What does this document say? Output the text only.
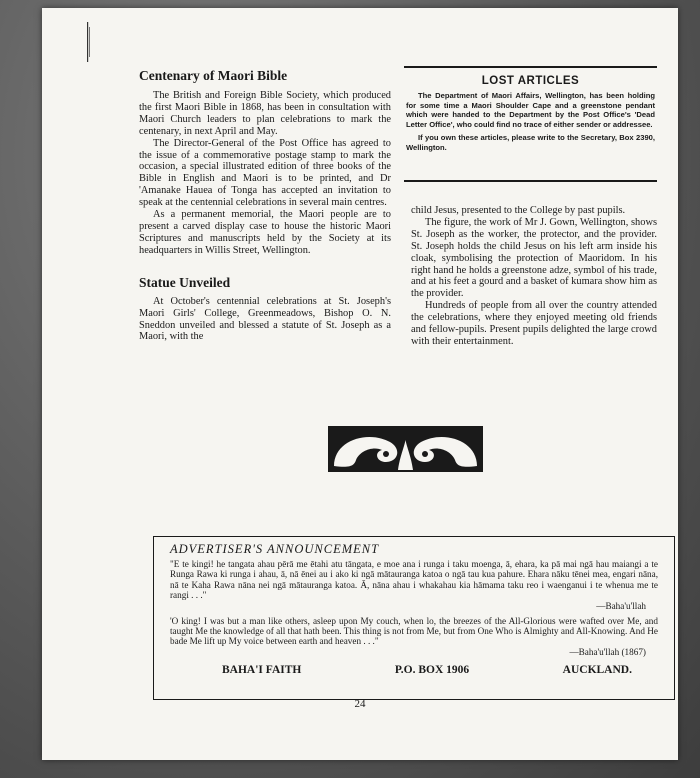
Centenary of Maori Bible

The British and Foreign Bible Society, which produced the first Maori Bible in 1868, has been in consultation with Maori Church leaders to plan celebrations to mark the centenary, in next April and May.

The Director-General of the Post Office has agreed to the issue of a commemorative postage stamp to mark the occasion, a special illustrated edition of three books of the Bible in English and Maori is to be printed, and Dr 'Amanake Hauea of Tonga has accepted an invitation to speak at the centennial celebrations in several main centres.

As a permanent memorial, the Maori people are to present a carved display case to house the historic Maori Scriptures and manuscripts held by the Society at its headquarters in Willis Street, Wellington.

Statue Unveiled

At October's centennial celebrations at St. Joseph's Maori Girls' College, Greenmeadows, Bishop O. N. Sneddon unveiled and blessed a statute of St. Joseph as a Maori, with the

LOST ARTICLES

The Department of Maori Affairs, Wellington, has been holding for some time a Maori Shoulder Cape and a greenstone pendant which were handed to the Department by the Post Office's 'Dead Letter Office', who could find no trace of either sender or addressee.

If you own these articles, please write to the Secretary, Box 2390, Wellington.

child Jesus, presented to the College by past pupils.

The figure, the work of Mr J. Gown, Wellington, shows St. Joseph as the worker, the protector, and the provider. St. Joseph holds the child Jesus on his left arm inside his cloak, symbolising the protection of Maoridom. In his right hand he holds a greenstone adze, symbol of his trade, and at his feet a gourd and a basket of kumara show him as the provider.

Hundreds of people from all over the country attended the celebrations, where they enjoyed meeting old friends and fellow-pupils. Present pupils delighted the large crowd with their entertainment.

ADVERTISER'S ANNOUNCEMENT

"E te kingi! he tangata ahau pērā me ētahi atu tāngata, e moe ana i runga i taku moenga, ā, ehara, ka pā mai ngā hau maiangi a te Runga Rawa ki runga i ahau, ā, nā ēnei au i ako ki ngā mātauranga katoa o ngā tau kua pahure. Ehara nāku tēnei mea, engari nāna, nā te Kaha Rawa nāna nei ngā mātauranga katoa. Ā, nāna ahau i whakahau kia hāmama taku reo i waenganui i te whenua me te rangi . . ."

—Baha'u'llah

'O king! I was but a man like others, asleep upon My couch, when lo, the breezes of the All-Glorious were wafted over Me, and taught Me the knowledge of all that hath been. This thing is not from Me, but from One Who is Almighty and All-Knowing. And He bade Me lift up My voice between earth and heaven . . ."

—Baha'u'llah (1867)

BAHA'I FAITH	P.O. BOX 1906	AUCKLAND.
24
